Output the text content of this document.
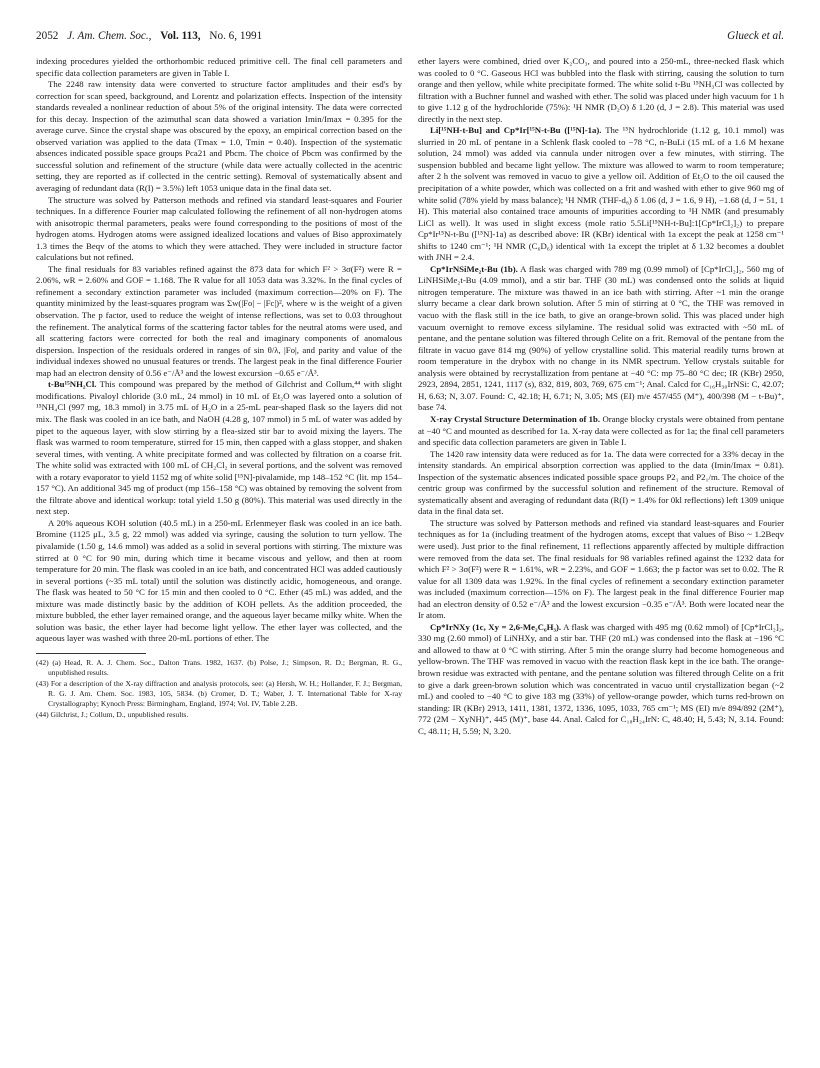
2052 J. Am. Chem. Soc., Vol. 113, No. 6, 1991	Glueck et al.

indexing procedures yielded the orthorhombic reduced primitive cell. The final cell parameters and specific data collection parameters are given in Table I.

The 2248 raw intensity data were converted to structure factor amplitudes and their esd's by correction for scan speed, background, and Lorentz and polarization effects. Inspection of the intensity standards revealed a nonlinear reduction of about 5% of the original intensity. The data were corrected for this decay. Inspection of the azimuthal scan data showed a variation Imin/Imax = 0.395 for the average curve. Since the crystal shape was obscured by the epoxy, an empirical correction based on the observed variation was applied to the data (Tmax = 1.0, Tmin = 0.40). Inspection of the systematic absences indicated possible space groups Pca21 and Pbcm. The choice of Pbcm was confirmed by the successful solution and refinement of the structure (while data were actually collected in the acentric setting, they are reported as if collected in the centric setting). Removal of systematically absent and averaging of redundant data (R(I) = 3.5%) left 1053 unique data in the final data set.

The structure was solved by Patterson methods and refined via standard least-squares and Fourier techniques. In a difference Fourier map calculated following the refinement of all non-hydrogen atoms with anisotropic thermal parameters, peaks were found corresponding to the positions of most of the hydrogen atoms. Hydrogen atoms were assigned idealized locations and values of Biso approximately 1.3 times the Beqv of the atoms to which they were attached. They were included in structure factor calculations but not refined.

The final residuals for 83 variables refined against the 873 data for which F² > 3σ(F²) were R = 2.06%, wR = 2.60% and GOF = 1.168. The R value for all 1053 data was 3.32%. In the final cycles of refinement a secondary extinction parameter was included (maximum correction—20% on F). The quantity minimized by the least-squares program was Σw(|Fo| − |Fc|)², where w is the weight of a given observation. The p factor, used to reduce the weight of intense reflections, was set to 0.03 throughout the refinement. The analytical forms of the scattering factor tables for the neutral atoms were used, and all scattering factors were corrected for both the real and imaginary components of anomalous dispersion. Inspection of the residuals ordered in ranges of sin θ/λ, |Fo|, and parity and value of the individual indexes showed no unusual features or trends. The largest peak in the final difference Fourier map had an electron density of 0.56 e⁻/Å³ and the lowest excursion −0.65 e⁻/Å³.

t-Bu¹⁵NH₂Cl. This compound was prepared by the method of Gilchrist and Collum,⁴⁴ with slight modifications. Pivaloyl chloride (3.0 mL, 24 mmol) in 10 mL of Et₂O was layered onto a solution of ¹⁵NH₄Cl (997 mg, 18.3 mmol) in 3.75 mL of H₂O in a 25-mL pear-shaped flask so the layers did not mix. The flask was cooled in an ice bath, and NaOH (4.28 g, 107 mmol) in 5 mL of water was added by pipet to the aqueous layer, with slow stirring by a flea-sized stir bar to avoid mixing the layers. The flask was warmed to room temperature, stirred for 15 min, then capped with a glass stopper, and shaken several times, with venting. A white precipitate formed and was collected by filtration on a coarse frit. The white solid was extracted with 100 mL of CH₂Cl₂ in several portions, and the solvent was removed with a rotary evaporator to yield 1152 mg of white solid [¹⁵N]-pivalamide, mp 148–152 °C (lit. mp 154–157 °C). An additional 345 mg of product (mp 156–158 °C) was obtained by removing the solvent from the filtrate above and identical workup: total yield 1.50 g (80%). This material was used directly in the next step.

A 20% aqueous KOH solution (40.5 mL) in a 250-mL Erlenmeyer flask was cooled in an ice bath. Bromine (1125 μL, 3.5 g, 22 mmol) was added via syringe, causing the solution to turn yellow. The pivalamide (1.50 g, 14.6 mmol) was added as a solid in several portions with stirring. The mixture was stirred at 0 °C for 90 min, during which time it became viscous and yellow, and then at room temperature for 20 min. The flask was cooled in an ice bath, and concentrated HCl was added cautiously in several portions (~35 mL total) until the solution was distinctly acidic, homogeneous, and orange. The flask was heated to 50 °C for 15 min and then cooled to 0 °C. Ether (45 mL) was added, and the mixture was made distinctly basic by the addition of KOH pellets. As the addition proceeded, the mixture bubbled, the ether layer remained orange, and the aqueous layer became milky white. When the solution was basic, the ether layer had become light yellow. The ether layer was collected, and the aqueous layer was washed with three 20-mL portions of ether. The

(42) (a) Head, R. A. J. Chem. Soc., Dalton Trans. 1982, 1637. (b) Polse, J.; Simpson, R. D.; Bergman, R. G., unpublished results.

(43) For a description of the X-ray diffraction and analysis protocols, see: (a) Hersh, W. H.; Hollander, F. J.; Bergman, R. G. J. Am. Chem. Soc. 1983, 105, 5834. (b) Cromer, D. T.; Waber, J. T. International Table for X-ray Crystallography; Kynoch Press: Birmingham, England, 1974; Vol. IV, Table 2.2B.

(44) Gilchrist, J.; Collum, D., unpublished results.

ether layers were combined, dried over K₂CO₃, and poured into a 250-mL, three-necked flask which was cooled to 0 °C. Gaseous HCl was bubbled into the flask with stirring, causing the solution to turn orange and then yellow, while white precipitate formed. The white solid t-Bu ¹⁵NH₃Cl was collected by filtration with a Buchner funnel and washed with ether. The solid was placed under high vacuum for 1 h to give 1.12 g of the hydrochloride (75%): ¹H NMR (D₂O) δ 1.20 (d, J = 2.8). This material was used directly in the next step.

Li[¹⁵NH-t-Bu] and Cp*Ir[¹⁵N-t-Bu ([¹⁵N]-1a). The ¹⁵N hydrochloride (1.12 g, 10.1 mmol) was slurried in 20 mL of pentane in a Schlenk flask cooled to −78 °C, n-BuLi (15 mL of a 1.6 M hexane solution, 24 mmol) was added via cannula under nitrogen over a few minutes, with stirring. The suspension bubbled and became light yellow. The mixture was allowed to warm to room temperature; after 2 h the solvent was removed in vacuo to give a yellow oil. Addition of Et₂O to the oil caused the precipitation of a white powder, which was collected on a frit and washed with ether to give 960 mg of white solid (78% yield by mass balance); ¹H NMR (THF-d₈) δ 1.06 (d, J = 1.6, 9 H), −1.68 (d, J = 51, 1 H). This material also contained trace amounts of impurities according to ¹H NMR (and presumably LiCl as well). It was used in slight excess (mole ratio 5.5Li[¹⁵NH-t-Bu]:1[Cp*IrCl₂]₂) to prepare Cp*Ir¹⁵N-t-Bu ([¹⁵N]-1a) as described above: IR (KBr) identical with 1a except the peak at 1258 cm⁻¹ shifts to 1240 cm⁻¹; ¹H NMR (C₆D₆) identical with 1a except the triplet at δ 1.32 becomes a doublet with JNH = 2.4.

Cp*IrNSiMe₂t-Bu (1b). A flask was charged with 789 mg (0.99 mmol) of [Cp*IrCl₂]₂, 560 mg of LiNHSiMe₂t-Bu (4.09 mmol), and a stir bar. THF (30 mL) was condensed onto the solids at liquid nitrogen temperature. The mixture was thawed in an ice bath with stirring. After ~1 min the orange slurry became a clear dark brown solution. After 5 min of stirring at 0 °C, the THF was removed in vacuo with the flask still in the ice bath, to give an orange-brown solid. This was placed under high vacuum overnight to remove excess silylamine. The residual solid was extracted with ~50 mL of pentane, and the pentane solution was filtered through Celite on a frit. Removal of the pentane from the filtrate in vacuo gave 814 mg (90%) of yellow crystalline solid. This material readily turns brown at room temperature in the drybox with no change in its NMR spectrum. Yellow crystals suitable for analysis were obtained by recrystallization from pentane at −40 °C: mp 75–80 °C dec; IR (KBr) 2950, 2923, 2894, 2851, 1241, 1117 (s), 832, 819, 803, 769, 675 cm⁻¹; Anal. Calcd for C₁₆H₃₀IrNSi: C, 42.07; H, 6.63; N, 3.07. Found: C, 42.18; H, 6.71; N, 3.05; MS (EI) m/e 457/455 (M⁺), 400/398 (M − t-Bu)⁺, base 74.

X-ray Crystal Structure Determination of 1b. Orange blocky crystals were obtained from pentane at −40 °C and mounted as described for 1a. X-ray data were collected as for 1a; the final cell parameters and specific data collection parameters are given in Table I.

The 1420 raw intensity data were reduced as for 1a. The data were corrected for a 33% decay in the intensity standards. An empirical absorption correction was applied to the data (Imin/Imax = 0.81). Inspection of the systematic absences indicated possible space groups P2₁ and P2₁/m. The choice of the centric group was confirmed by the successful solution and refinement of the structure. Removal of systematically absent and averaging of redundant data (R(I) = 1.4% for 0kl reflections) left 1309 unique data in the final data set.

The structure was solved by Patterson methods and refined via standard least-squares and Fourier techniques as for 1a (including treatment of the hydrogen atoms, except that values of Biso ~ 1.2Beqv were used). Just prior to the final refinement, 11 reflections apparently affected by multiple diffraction were removed from the data set. The final residuals for 98 variables refined against the 1232 data for which F² > 3σ(F²) were R = 1.61%, wR = 2.23%, and GOF = 1.663; the p factor was set to 0.02. The R value for all 1309 data was 1.92%. In the final cycles of refinement a secondary extinction parameter was included (maximum correction—15% on F). The largest peak in the final difference Fourier map had an electron density of 0.52 e⁻/Å³ and the lowest excursion −0.35 e⁻/Å³. Both were located near the Ir atom.

Cp*IrNXy (1c, Xy = 2,6-Me₂C₆H₃). A flask was charged with 495 mg (0.62 mmol) of [Cp*IrCl₂]₂, 330 mg (2.60 mmol) of LiNHXy, and a stir bar. THF (20 mL) was condensed into the flask at −196 °C and allowed to thaw at 0 °C with stirring. After 5 min the orange slurry had become homogeneous and yellow-brown. The THF was removed in vacuo with the reaction flask kept in the ice bath. The orange-brown residue was extracted with pentane, and the pentane solution was filtered through Celite on a frit to give a dark green-brown solution which was concentrated in vacuo until crystallization began (~2 mL) and cooled to −40 °C to give 183 mg (33%) of yellow-orange powder, which turns red-brown on standing: IR (KBr) 2913, 1411, 1381, 1372, 1336, 1095, 1033, 765 cm⁻¹; MS (EI) m/e 894/892 (2M⁺), 772 (2M − XyNH)⁺, 445 (M)⁺, base 44. Anal. Calcd for C₁₈H₂₄IrN: C, 48.40; H, 5.43; N, 3.14. Found: C, 48.11; H, 5.59; N, 3.20.
